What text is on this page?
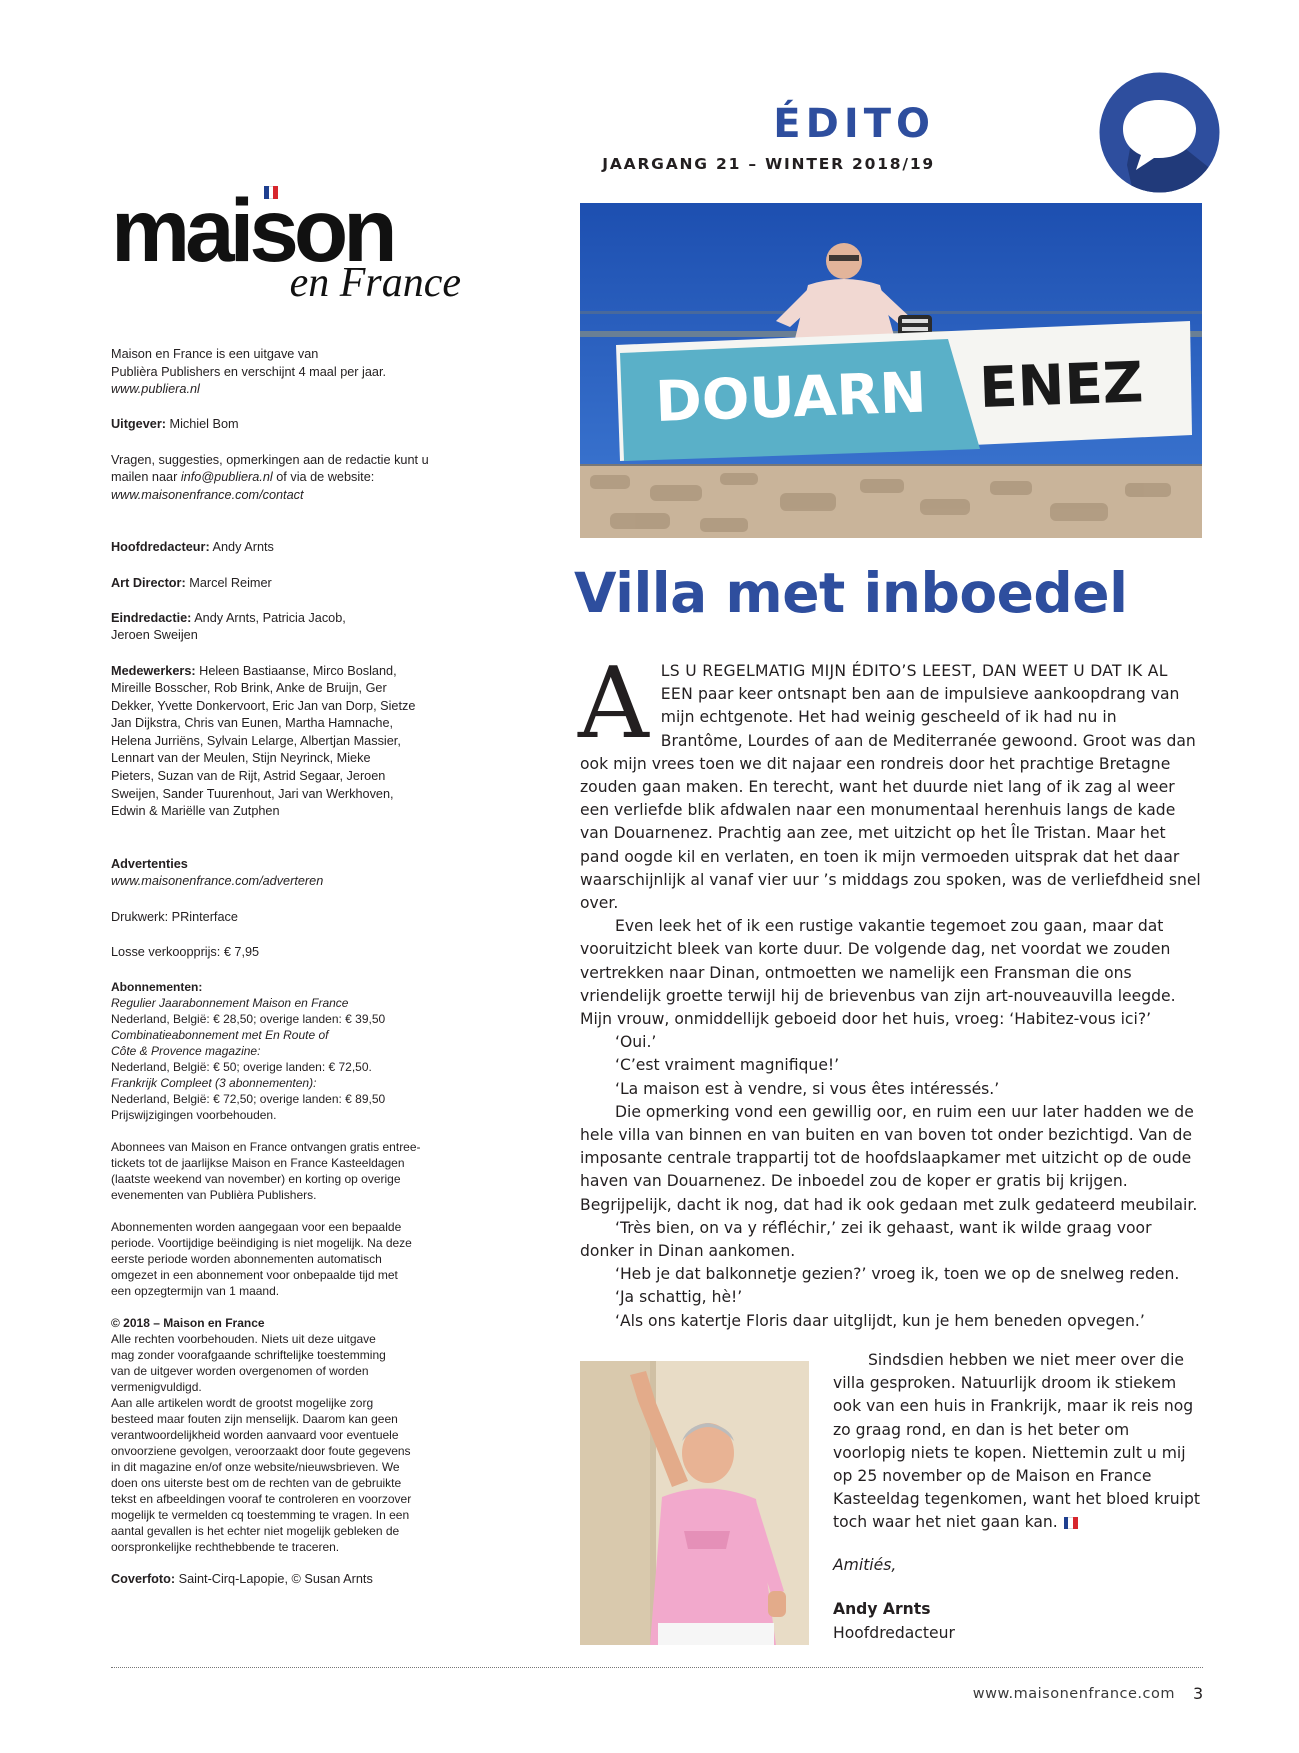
ÉDITO
JAARGANG 21 – WINTER 2018/19
maison
en France

Maison en France is een uitgave van

Publièra Publishers en verschijnt 4 maal per jaar.

www.publiera.nl

Uitgever: Michiel Bom

Vragen, suggesties, opmerkingen aan de redactie kunt u

mailen naar info@publiera.nl of via de website:

www.maisonenfrance.com/contact

Hoofdredacteur: Andy Arnts

Art Director: Marcel Reimer

Eindredactie: Andy Arnts, Patricia Jacob,

Jeroen Sweijen

Medewerkers: Heleen Bastiaanse, Mirco Bosland,

Mireille Bosscher, Rob Brink, Anke de Bruijn, Ger

Dekker, Yvette Donkervoort, Eric Jan van Dorp, Sietze

Jan Dijkstra, Chris van Eunen, Martha Hamnache,

Helena Jurriëns, Sylvain Lelarge, Albertjan Massier,

Lennart van der Meulen, Stijn Neyrinck, Mieke

Pieters, Suzan van de Rijt, Astrid Segaar, Jeroen

Sweijen, Sander Tuurenhout, Jari van Werkhoven,

Edwin & Mariëlle van Zutphen

Advertenties

www.maisonenfrance.com/adverteren

Drukwerk: PRinterface

Losse verkoopprijs: € 7,95

Abonnementen:

Regulier Jaarabonnement Maison en France

Nederland, België: € 28,50; overige landen: € 39,50

Combinatieabonnement met En Route of

Côte & Provence magazine:

Nederland, België: € 50; overige landen: € 72,50.

Frankrijk Compleet (3 abonnementen):

Nederland, België: € 72,50; overige landen: € 89,50

Prijswijzigingen voorbehouden.

Abonnees van Maison en France ontvangen gratis entree-

tickets tot de jaarlijkse Maison en France Kasteeldagen

(laatste weekend van november) en korting op overige

evenementen van Publièra Publishers.

Abonnementen worden aangegaan voor een bepaalde

periode. Voortijdige beëindiging is niet mogelijk. Na deze

eerste periode worden abonnementen automatisch

omgezet in een abonnement voor onbepaalde tijd met

een opzegtermijn van 1 maand.

© 2018 – Maison en France

Alle rechten voorbehouden. Niets uit deze uitgave

mag zonder voorafgaande schriftelijke toestemming

van de uitgever worden overgenomen of worden

vermenigvuldigd.

Aan alle artikelen wordt de grootst mogelijke zorg

besteed maar fouten zijn menselijk. Daarom kan geen

verantwoordelijkheid worden aanvaard voor eventuele

onvoorziene gevolgen, veroorzaakt door foute gegevens

in dit magazine en/of onze website/nieuwsbrieven. We

doen ons uiterste best om de rechten van de gebruikte

tekst en afbeeldingen vooraf te controleren en voorzover

mogelijk te vermelden cq toestemming te vragen. In een

aantal gevallen is het echter niet mogelijk gebleken de

oorspronkelijke rechthebbende te traceren.

Coverfoto: Saint-Cirq-Lapopie, © Susan Arnts

DOUARN ENEZ
Villa met inboedel

ALS U REGELMATIG MIJN ÉDITO’S LEEST, DAN WEET U DAT IK AL EEN paar keer ontsnapt ben aan de impulsieve aankoopdrang van mijn echtgenote. Het had weinig gescheeld of ik had nu in Brantôme, Lourdes of aan de Mediterranée gewoond. Groot was dan ook mijn vrees toen we dit najaar een rondreis door het prachtige Bretagne zouden gaan maken. En terecht, want het duurde niet lang of ik zag al weer een verliefde blik afdwalen naar een monumentaal herenhuis langs de kade van Douarnenez. Prachtig aan zee, met uitzicht op het Île Tristan. Maar het pand oogde kil en verlaten, en toen ik mijn vermoeden uitsprak dat het daar waarschijnlijk al vanaf vier uur ’s middags zou spoken, was de verliefdheid snel over.

Even leek het of ik een rustige vakantie tegemoet zou gaan, maar dat vooruitzicht bleek van korte duur. De volgende dag, net voordat we zouden vertrekken naar Dinan, ontmoetten we namelijk een Fransman die ons vriendelijk groette terwijl hij de brievenbus van zijn art-nouveauvilla leegde. Mijn vrouw, onmiddellijk geboeid door het huis, vroeg: ‘Habitez-vous ici?’

‘Oui.’

‘C’est vraiment magnifique!’

‘La maison est à vendre, si vous êtes intéressés.’

Die opmerking vond een gewillig oor, en ruim een uur later hadden we de hele villa van binnen en van buiten en van boven tot onder bezichtigd. Van de imposante centrale trappartij tot de hoofdslaapkamer met uitzicht op de oude haven van Douarnenez. De inboedel zou de koper er gratis bij krijgen. Begrijpelijk, dacht ik nog, dat had ik ook gedaan met zulk gedateerd meubilair.

‘Très bien, on va y réfléchir,’ zei ik gehaast, want ik wilde graag voor donker in Dinan aankomen.

‘Heb je dat balkonnetje gezien?’ vroeg ik, toen we op de snelweg reden.

‘Ja schattig, hè!’

‘Als ons katertje Floris daar uitglijdt, kun je hem beneden opvegen.’

Sindsdien hebben we niet meer over die villa gesproken. Natuurlijk droom ik stiekem ook van een huis in Frankrijk, maar ik reis nog zo graag rond, en dan is het beter om voorlopig niets te kopen. Niettemin zult u mij op 25 november op de Maison en France Kasteeldag tegenkomen, want het bloed kruipt toch waar het niet gaan kan.

Amitiés,
Andy Arnts
Hoofdredacteur
www.maisonenfrance.com 3
